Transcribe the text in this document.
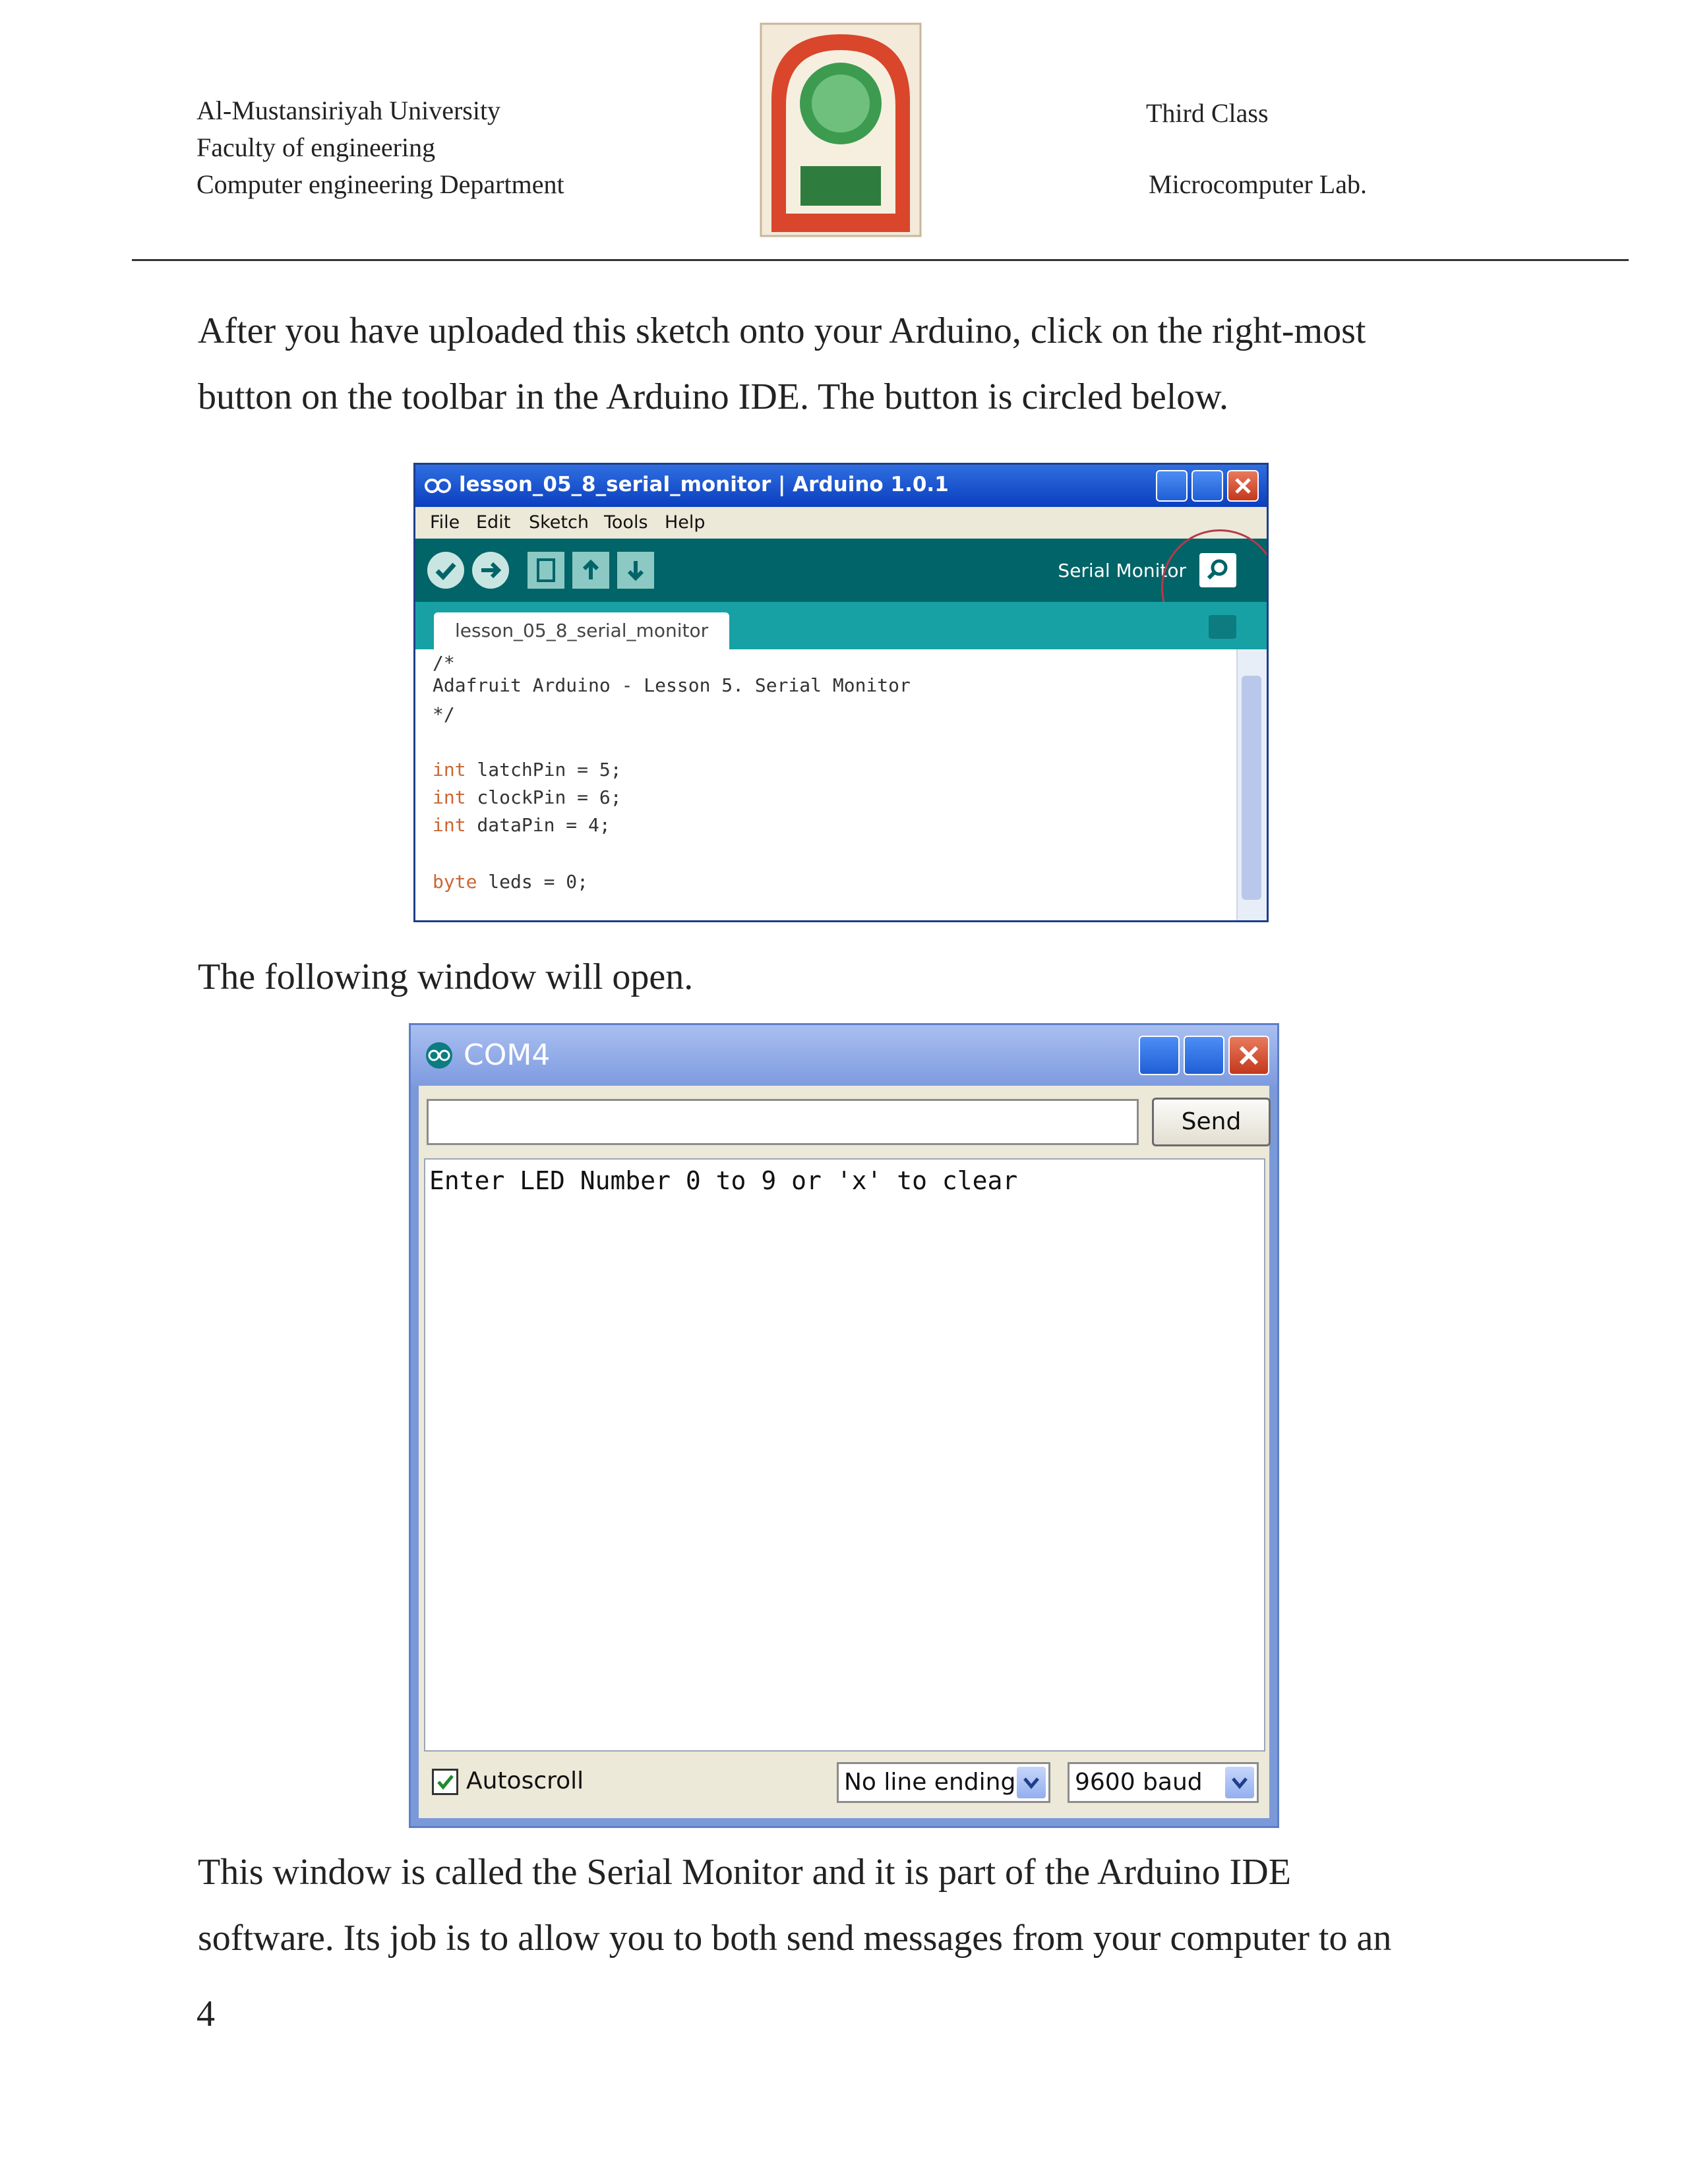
Al-Mustansiriyah University
Faculty of engineering
Computer engineering Department
Third Class
Microcomputer Lab.
After you have uploaded this sketch onto your Arduino, click on the right-most
button on the toolbar in the Arduino IDE. The button is circled below.
lesson_05_8_serial_monitor | Arduino 1.0.1
File Edit Sketch Tools Help
Serial Monitor
lesson_05_8_serial_monitor
/*
Adafruit Arduino - Lesson 5. Serial Monitor
*/
int latchPin = 5;
int clockPin = 6;
int dataPin = 4;
byte leds = 0;
The following window will open.
COM4
Send
Enter LED Number 0 to 9 or 'x' to clear
Autoscroll	No line ending	9600 baud
This window is called the Serial Monitor and it is part of the Arduino IDE
software. Its job is to allow you to both send messages from your computer to an
4
